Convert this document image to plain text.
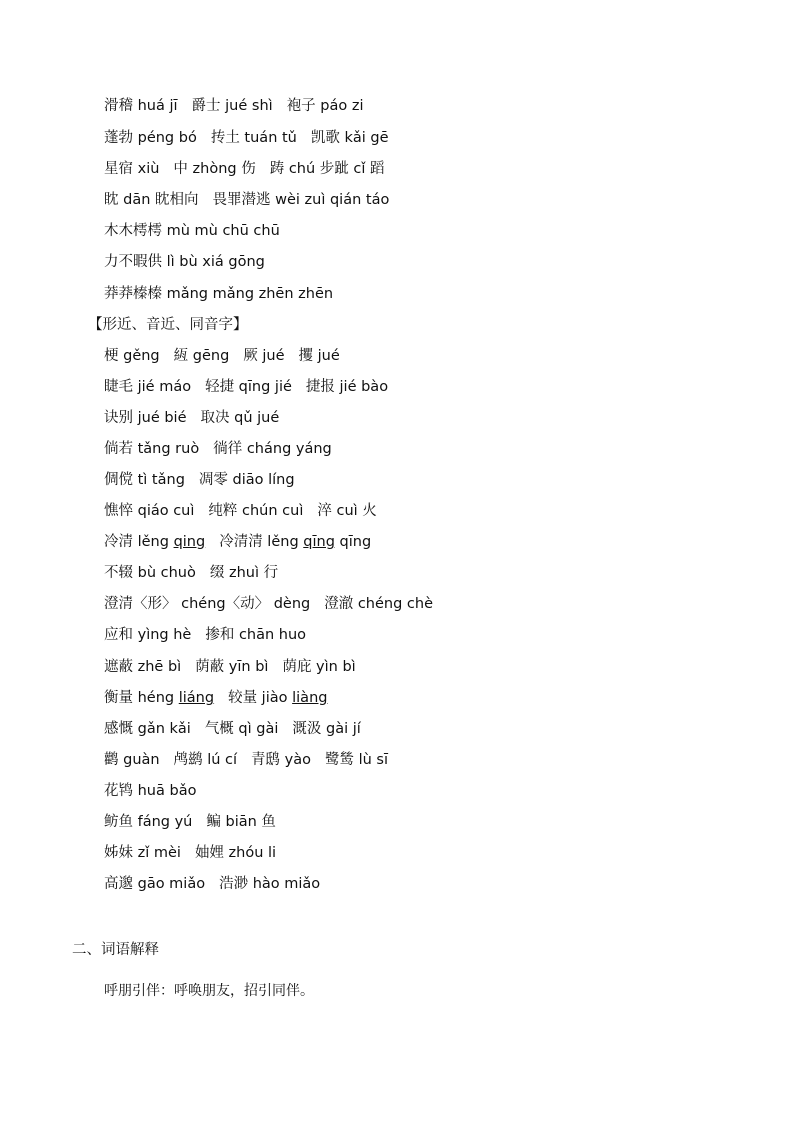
滑稽 huá jī 爵士 jué shì 袍子 páo zi
蓬勃 péng bó 抟土 tuán tǔ 凯歌 kǎi gē
星宿 xiù 中 zhòng 伤 踌 chú 步跐 cǐ 蹈
眈 dān 眈相向 畏罪潜逃 wèi zuì qián táo
木木樗樗 mù mù chū chū
力不暇供 lì bù xiá gōng
莽莽榛榛 mǎng mǎng zhēn zhēn
梗 gěng 絚 gēng 厥 jué 攫 jué
睫毛 jié máo 轻捷 qīng jié 捷报 jié bào
诀别 jué bié 取决 qǔ jué
倘若 tǎng ruò 徜徉 cháng yáng
倜傥 tì tǎng 凋零 diāo líng
憔悴 qiáo cuì 纯粹 chún cuì 淬 cuì 火
冷清 lěng qing 冷清清 lěng qīng qīng
不辍 bù chuò 缀 zhuì 行
澄清〈形〉 chéng〈动〉 dèng 澄澈 chéng chè
应和 yìng hè 掺和 chān huo
遮蔽 zhē bì 荫蔽 yīn bì 荫庇 yìn bì
衡量 héng liáng 较量 jiào liàng
感慨 gǎn kǎi 气概 qì gài 溉汲 gài jí
鹳 guàn 鸬鹚 lú cí 青鸱 yào 鹭鸶 lù sī
花鸨 huā bǎo
鲂鱼 fáng yú 鳊 biān 鱼
姊妹 zǐ mèi 妯娌 zhóu li
高邈 gāo miǎo 浩渺 hào miǎo
【形近、音近、同音字】
二、词语解释
呼朋引伴：呼唤朋友，招引同伴。
